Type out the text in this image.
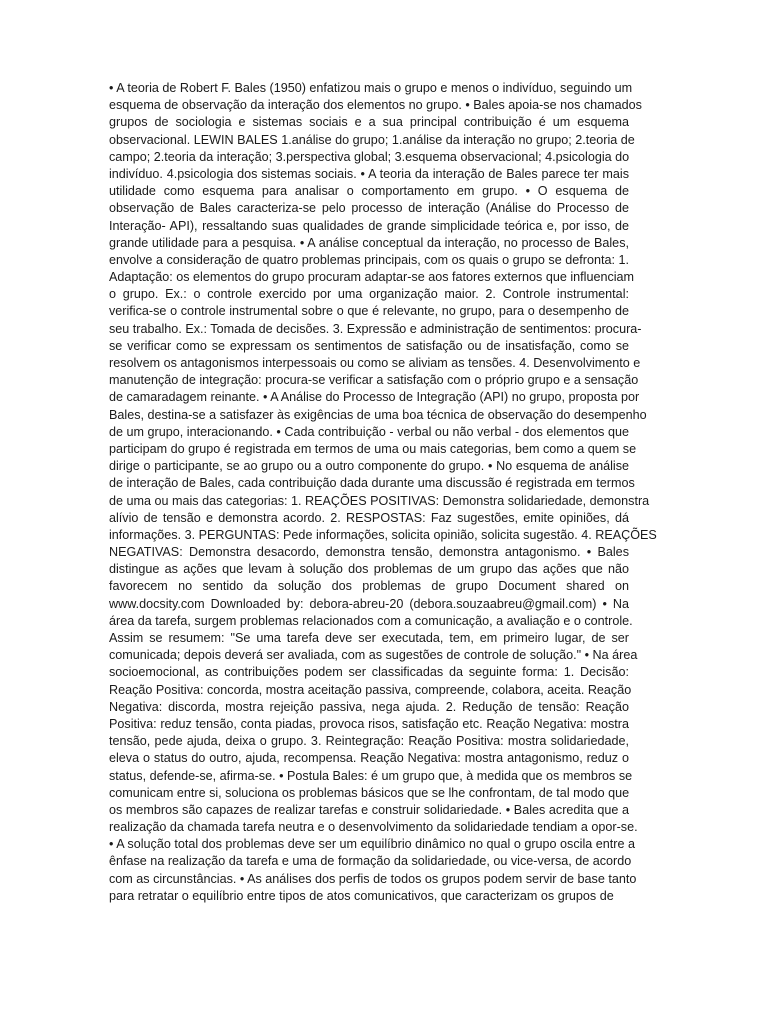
• A teoria de Robert F. Bales (1950) enfatizou mais o grupo e menos o indivíduo, seguindo um
esquema de observação da interação dos elementos no grupo. • Bales apoia-se nos chamados
grupos de sociologia e sistemas sociais e a sua principal contribuição é um esquema
observacional. LEWIN BALES 1.análise do grupo; 1.análise da interação no grupo; 2.teoria de
campo; 2.teoria da interação; 3.perspectiva global; 3.esquema observacional; 4.psicologia do
indivíduo. 4.psicologia dos sistemas sociais. • A teoria da interação de Bales parece ter mais
utilidade como esquema para analisar o comportamento em grupo. • O esquema de
observação de Bales caracteriza-se pelo processo de interação (Análise do Processo de
Interação- API), ressaltando suas qualidades de grande simplicidade teórica e, por isso, de
grande utilidade para a pesquisa. • A análise conceptual da interação, no processo de Bales,
envolve a consideração de quatro problemas principais, com os quais o grupo se defronta: 1.
Adaptação: os elementos do grupo procuram adaptar-se aos fatores externos que influenciam
o grupo. Ex.: o controle exercido por uma organização maior. 2. Controle instrumental:
verifica-se o controle instrumental sobre o que é relevante, no grupo, para o desempenho de
seu trabalho. Ex.: Tomada de decisões. 3. Expressão e administração de sentimentos: procura-
se verificar como se expressam os sentimentos de satisfação ou de insatisfação, como se
resolvem os antagonismos interpessoais ou como se aliviam as tensões. 4. Desenvolvimento e
manutenção de integração: procura-se verificar a satisfação com o próprio grupo e a sensação
de camaradagem reinante. • A Análise do Processo de Integração (API) no grupo, proposta por
Bales, destina-se a satisfazer às exigências de uma boa técnica de observação do desempenho
de um grupo, interacionando. • Cada contribuição - verbal ou não verbal - dos elementos que
participam do grupo é registrada em termos de uma ou mais categorias, bem como a quem se
dirige o participante, se ao grupo ou a outro componente do grupo. • No esquema de análise
de interação de Bales, cada contribuição dada durante uma discussão é registrada em termos
de uma ou mais das categorias: 1. REAÇÕES POSITIVAS: Demonstra solidariedade, demonstra
alívio de tensão e demonstra acordo. 2. RESPOSTAS: Faz sugestões, emite opiniões, dá
informações. 3. PERGUNTAS: Pede informações, solicita opinião, solicita sugestão. 4. REAÇÕES
NEGATIVAS: Demonstra desacordo, demonstra tensão, demonstra antagonismo. • Bales
distingue as ações que levam à solução dos problemas de um grupo das ações que não
favorecem no sentido da solução dos problemas de grupo Document shared on
www.docsity.com Downloaded by: debora-abreu-20 (debora.souzaabreu@gmail.com) • Na
área da tarefa, surgem problemas relacionados com a comunicação, a avaliação e o controle.
Assim se resumem: "Se uma tarefa deve ser executada, tem, em primeiro lugar, de ser
comunicada; depois deverá ser avaliada, com as sugestões de controle de solução." • Na área
socioemocional, as contribuições podem ser classificadas da seguinte forma: 1. Decisão:
Reação Positiva: concorda, mostra aceitação passiva, compreende, colabora, aceita. Reação
Negativa: discorda, mostra rejeição passiva, nega ajuda. 2. Redução de tensão: Reação
Positiva: reduz tensão, conta piadas, provoca risos, satisfação etc. Reação Negativa: mostra
tensão, pede ajuda, deixa o grupo. 3. Reintegração: Reação Positiva: mostra solidariedade,
eleva o status do outro, ajuda, recompensa. Reação Negativa: mostra antagonismo, reduz o
status, defende-se, afirma-se. • Postula Bales: é um grupo que, à medida que os membros se
comunicam entre si, soluciona os problemas básicos que se lhe confrontam, de tal modo que
os membros são capazes de realizar tarefas e construir solidariedade. • Bales acredita que a
realização da chamada tarefa neutra e o desenvolvimento da solidariedade tendiam a opor-se.
• A solução total dos problemas deve ser um equilíbrio dinâmico no qual o grupo oscila entre a
ênfase na realização da tarefa e uma de formação da solidariedade, ou vice-versa, de acordo
com as circunstâncias. • As análises dos perfis de todos os grupos podem servir de base tanto
para retratar o equilíbrio entre tipos de atos comunicativos, que caracterizam os grupos de
